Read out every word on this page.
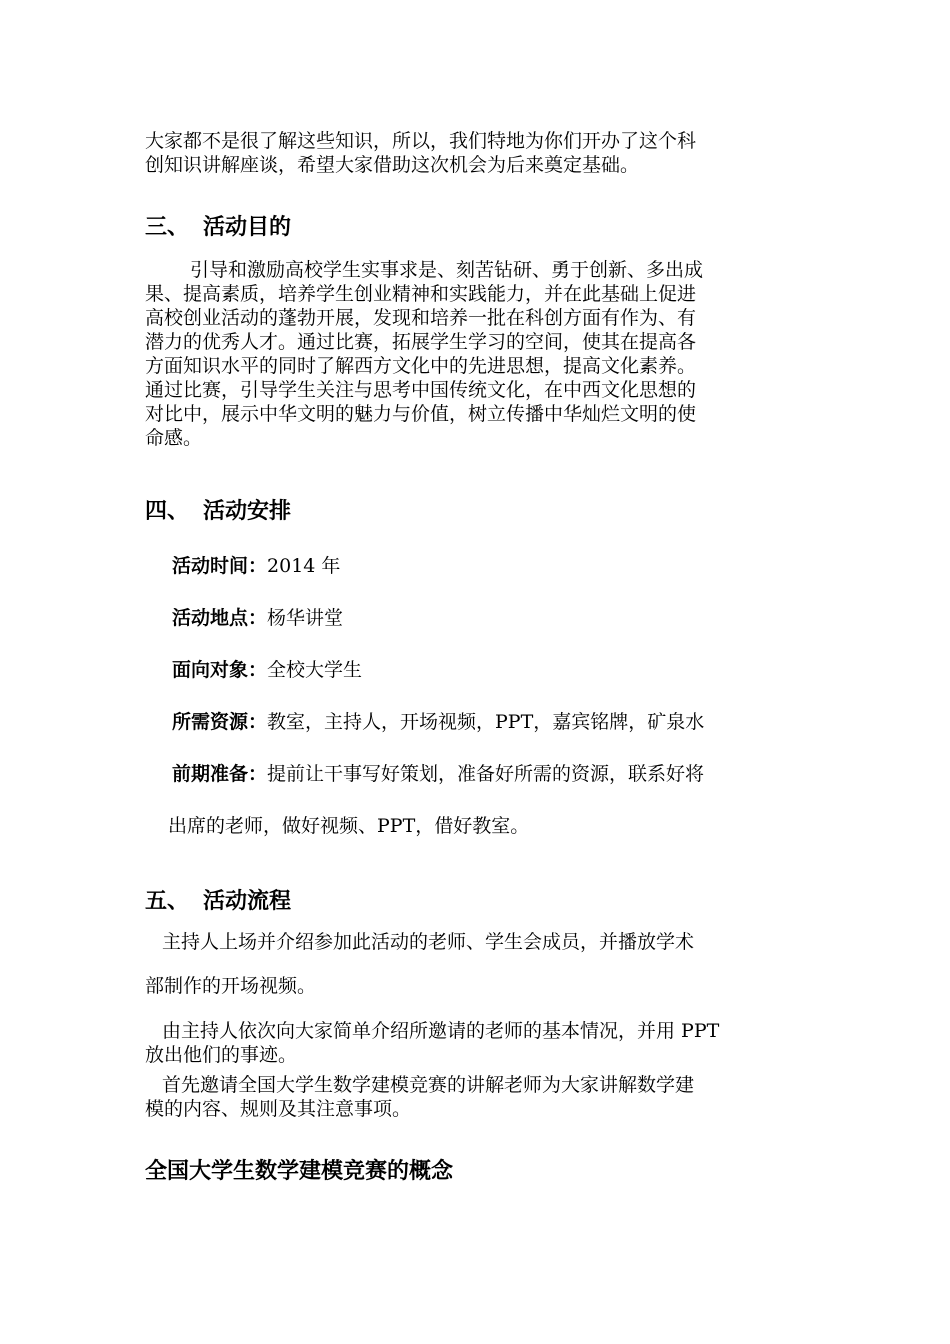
大家都不是很了解这些知识，所以，我们特地为你们开办了这个科
创知识讲解座谈，希望大家借助这次机会为后来奠定基础。

三、 活动目的

引导和激励高校学生实事求是、刻苦钻研、勇于创新、多出成
果、提高素质，培养学生创业精神和实践能力，并在此基础上促进
高校创业活动的蓬勃开展，发现和培养一批在科创方面有作为、有
潜力的优秀人才。通过比赛，拓展学生学习的空间，使其在提高各
方面知识水平的同时了解西方文化中的先进思想，提高文化素养。
通过比赛，引导学生关注与思考中国传统文化，在中西文化思想的
对比中，展示中华文明的魅力与价值，树立传播中华灿烂文明的使
命感。

四、 活动安排

活动时间：2014 年

活动地点：杨华讲堂

面向对象：全校大学生

所需资源：教室，主持人，开场视频，PPT，嘉宾铭牌，矿泉水

前期准备：提前让干事写好策划，准备好所需的资源，联系好将

出席的老师，做好视频、PPT，借好教室。

五、 活动流程

主持人上场并介绍参加此活动的老师、学生会成员，并播放学术

部制作的开场视频。

由主持人依次向大家简单介绍所邀请的老师的基本情况，并用 PPT
放出他们的事迹。

首先邀请全国大学生数学建模竞赛的讲解老师为大家讲解数学建
模的内容、规则及其注意事项。

全国大学生数学建模竞赛的概念
